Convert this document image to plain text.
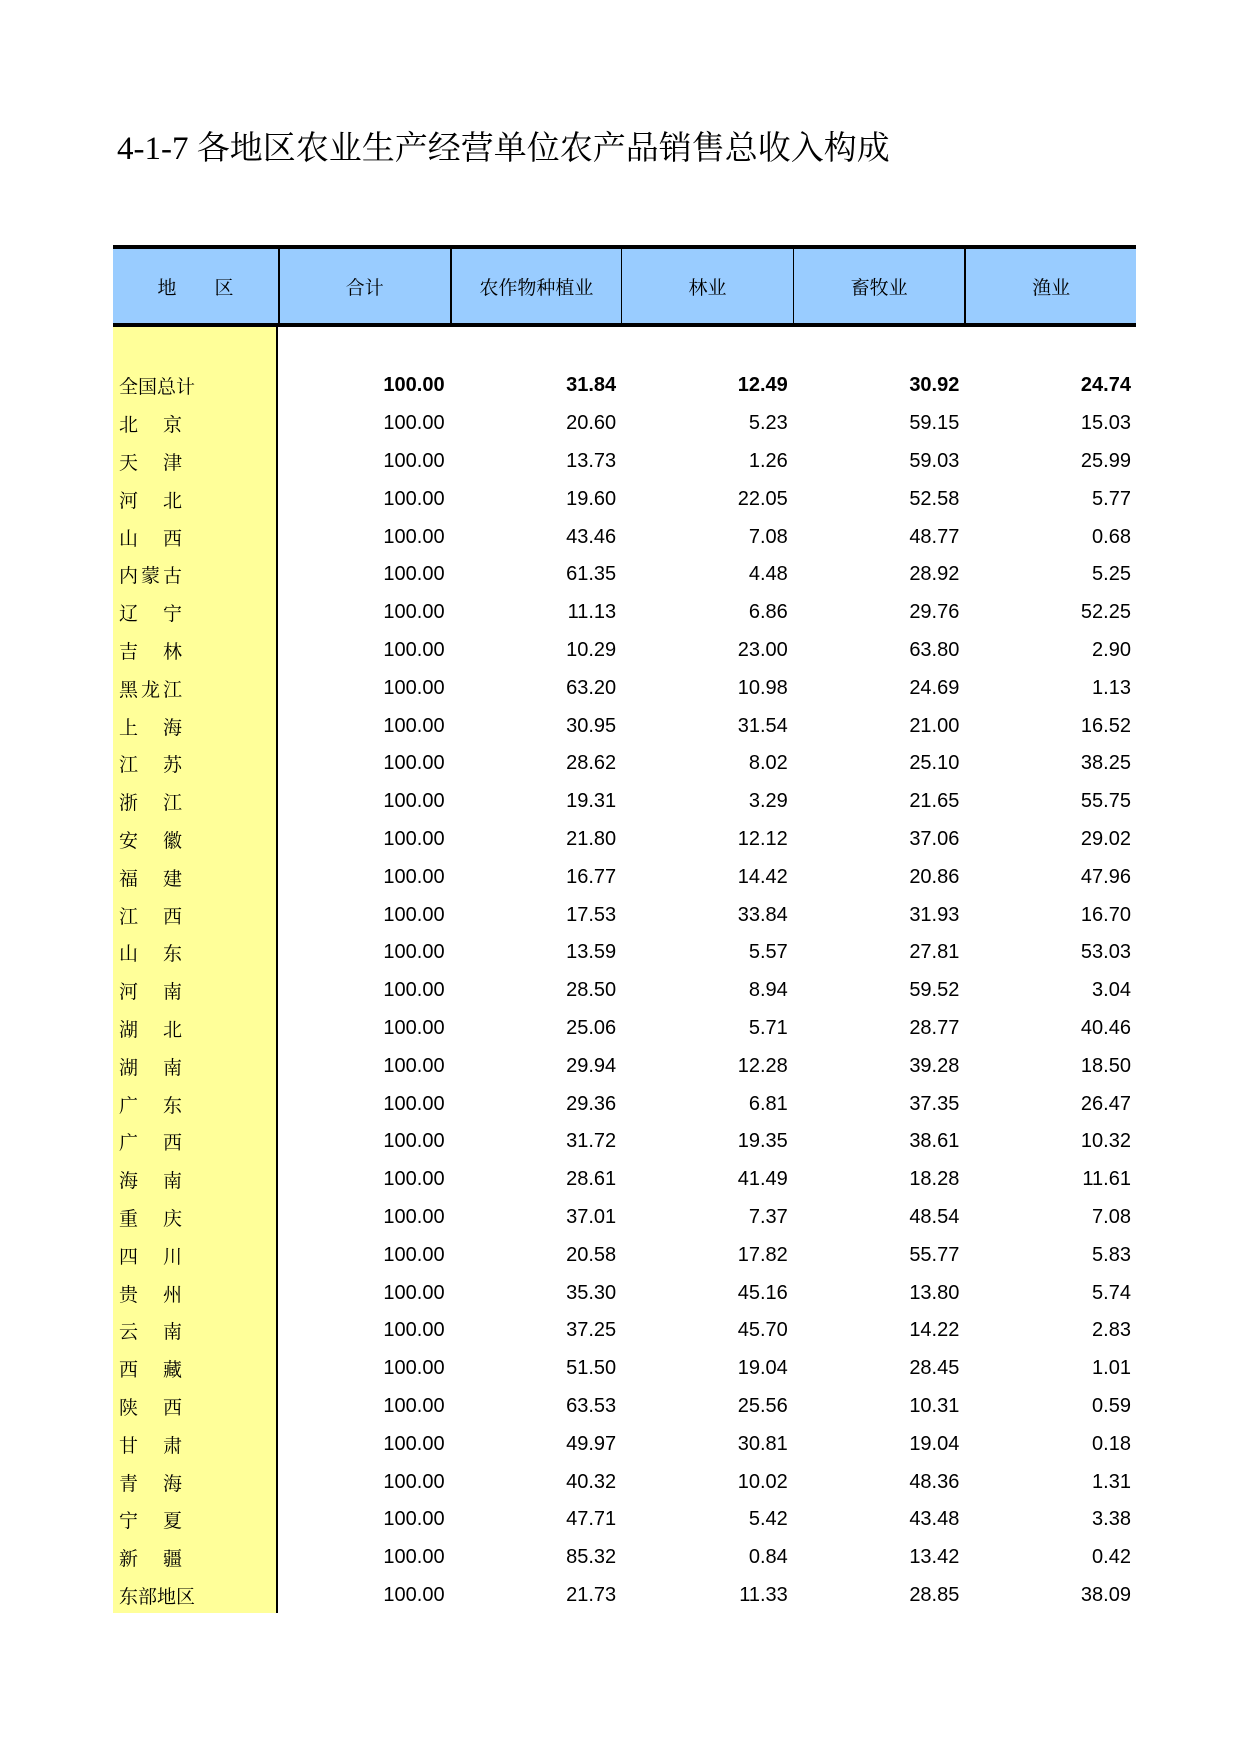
4-1-7 各地区农业生产经营单位农产品销售总收入构成
地　　区	合计	农作物种植业	林业	畜牧业	渔业
全国总计	100.00	31.84	12.49	30.92	24.74
北 京	100.00	20.60	5.23	59.15	15.03
天 津	100.00	13.73	1.26	59.03	25.99
河 北	100.00	19.60	22.05	52.58	5.77
山 西	100.00	43.46	7.08	48.77	0.68
内 蒙 古	100.00	61.35	4.48	28.92	5.25
辽 宁	100.00	11.13	6.86	29.76	52.25
吉 林	100.00	10.29	23.00	63.80	2.90
黑 龙 江	100.00	63.20	10.98	24.69	1.13
上 海	100.00	30.95	31.54	21.00	16.52
江 苏	100.00	28.62	8.02	25.10	38.25
浙 江	100.00	19.31	3.29	21.65	55.75
安 徽	100.00	21.80	12.12	37.06	29.02
福 建	100.00	16.77	14.42	20.86	47.96
江 西	100.00	17.53	33.84	31.93	16.70
山 东	100.00	13.59	5.57	27.81	53.03
河 南	100.00	28.50	8.94	59.52	3.04
湖 北	100.00	25.06	5.71	28.77	40.46
湖 南	100.00	29.94	12.28	39.28	18.50
广 东	100.00	29.36	6.81	37.35	26.47
广 西	100.00	31.72	19.35	38.61	10.32
海 南	100.00	28.61	41.49	18.28	11.61
重 庆	100.00	37.01	7.37	48.54	7.08
四 川	100.00	20.58	17.82	55.77	5.83
贵 州	100.00	35.30	45.16	13.80	5.74
云 南	100.00	37.25	45.70	14.22	2.83
西 藏	100.00	51.50	19.04	28.45	1.01
陕 西	100.00	63.53	25.56	10.31	0.59
甘 肃	100.00	49.97	30.81	19.04	0.18
青 海	100.00	40.32	10.02	48.36	1.31
宁 夏	100.00	47.71	5.42	43.48	3.38
新 疆	100.00	85.32	0.84	13.42	0.42
东部地区	100.00	21.73	11.33	28.85	38.09
